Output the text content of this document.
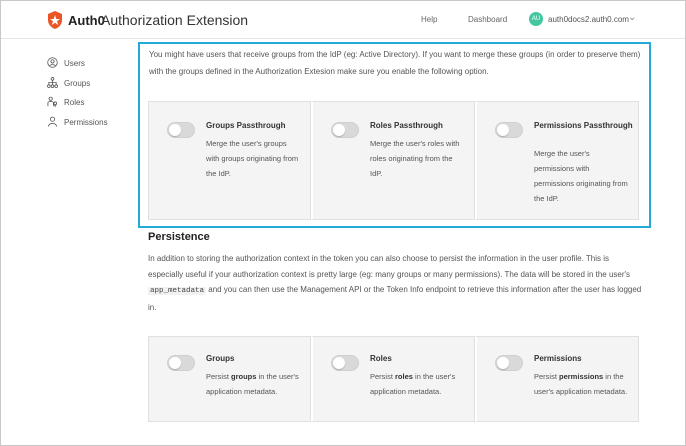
Auth0
Authorization Extension	Help	Dashboard	AU auth0docs2.auth0.com ⌄
Users
Groups
Roles
Permissions

You might have users that receive groups from the IdP (eg: Active Directory). If you want to merge these groups (in order to preserve them) with the groups defined in the Authorization Extesion make sure you enable the following option.

Groups Passthrough
Merge the user's groups with groups originating from the IdP.
Roles Passthrough
Merge the user's roles with roles originating from the IdP.
Permissions Passthrough
Merge the user's permissions with permissions originating from the IdP.
Persistence

In addition to storing the authorization context in the token you can also choose to persist the information in the user profile. This is especially useful if your authorization context is pretty large (eg: many groups or many permissions). The data will be stored in the user's app_metadata and you can then use the Management API or the Token Info endpoint to retrieve this information after the user has logged in.

Groups
Persist groups in the user's application metadata.
Roles
Persist roles in the user's application metadata.
Permissions
Persist permissions in the user's application metadata.
